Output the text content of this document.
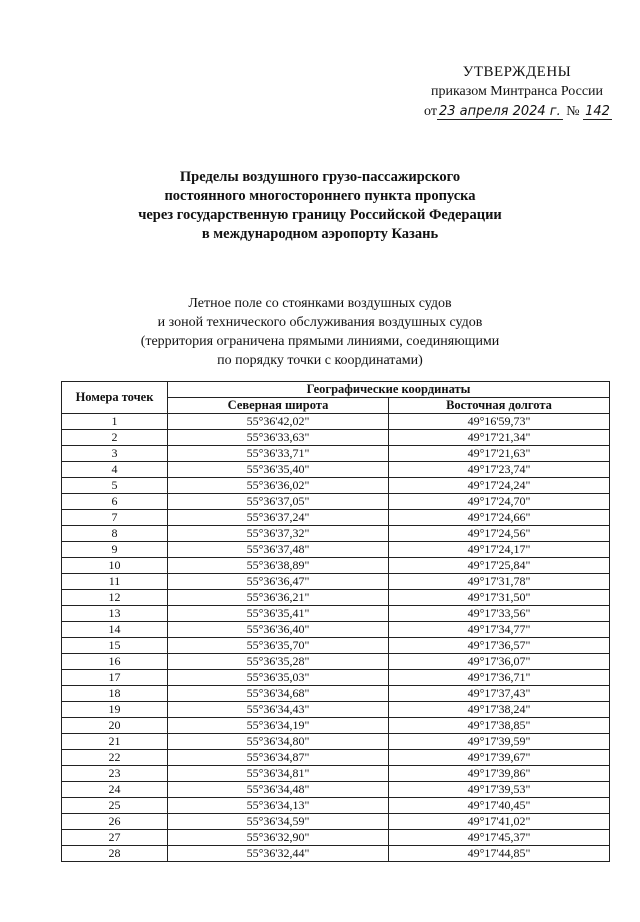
УТВЕРЖДЕНЫ
приказом Минтранса России
от 23 апреля 2024 г. № 142
Пределы воздушного грузо-пассажирского
постоянного многостороннего пункта пропуска
через государственную границу Российской Федерации
в международном аэропорту Казань
Летное поле со стоянками воздушных судов
и зоной технического обслуживания воздушных судов
(территория ограничена прямыми линиями, соединяющими
по порядку точки с координатами)
Номера точек	Географические координаты	
	Северная широта	Восточная долгота
1	55°36'42,02"	49°16'59,73"
2	55°36'33,63"	49°17'21,34"
3	55°36'33,71"	49°17'21,63"
4	55°36'35,40"	49°17'23,74"
5	55°36'36,02"	49°17'24,24"
6	55°36'37,05"	49°17'24,70"
7	55°36'37,24"	49°17'24,66"
8	55°36'37,32"	49°17'24,56"
9	55°36'37,48"	49°17'24,17"
10	55°36'38,89"	49°17'25,84"
11	55°36'36,47"	49°17'31,78"
12	55°36'36,21"	49°17'31,50"
13	55°36'35,41"	49°17'33,56"
14	55°36'36,40"	49°17'34,77"
15	55°36'35,70"	49°17'36,57"
16	55°36'35,28"	49°17'36,07"
17	55°36'35,03"	49°17'36,71"
18	55°36'34,68"	49°17'37,43"
19	55°36'34,43"	49°17'38,24"
20	55°36'34,19"	49°17'38,85"
21	55°36'34,80"	49°17'39,59"
22	55°36'34,87"	49°17'39,67"
23	55°36'34,81"	49°17'39,86"
24	55°36'34,48"	49°17'39,53"
25	55°36'34,13"	49°17'40,45"
26	55°36'34,59"	49°17'41,02"
27	55°36'32,90"	49°17'45,37"
28	55°36'32,44"	49°17'44,85"
